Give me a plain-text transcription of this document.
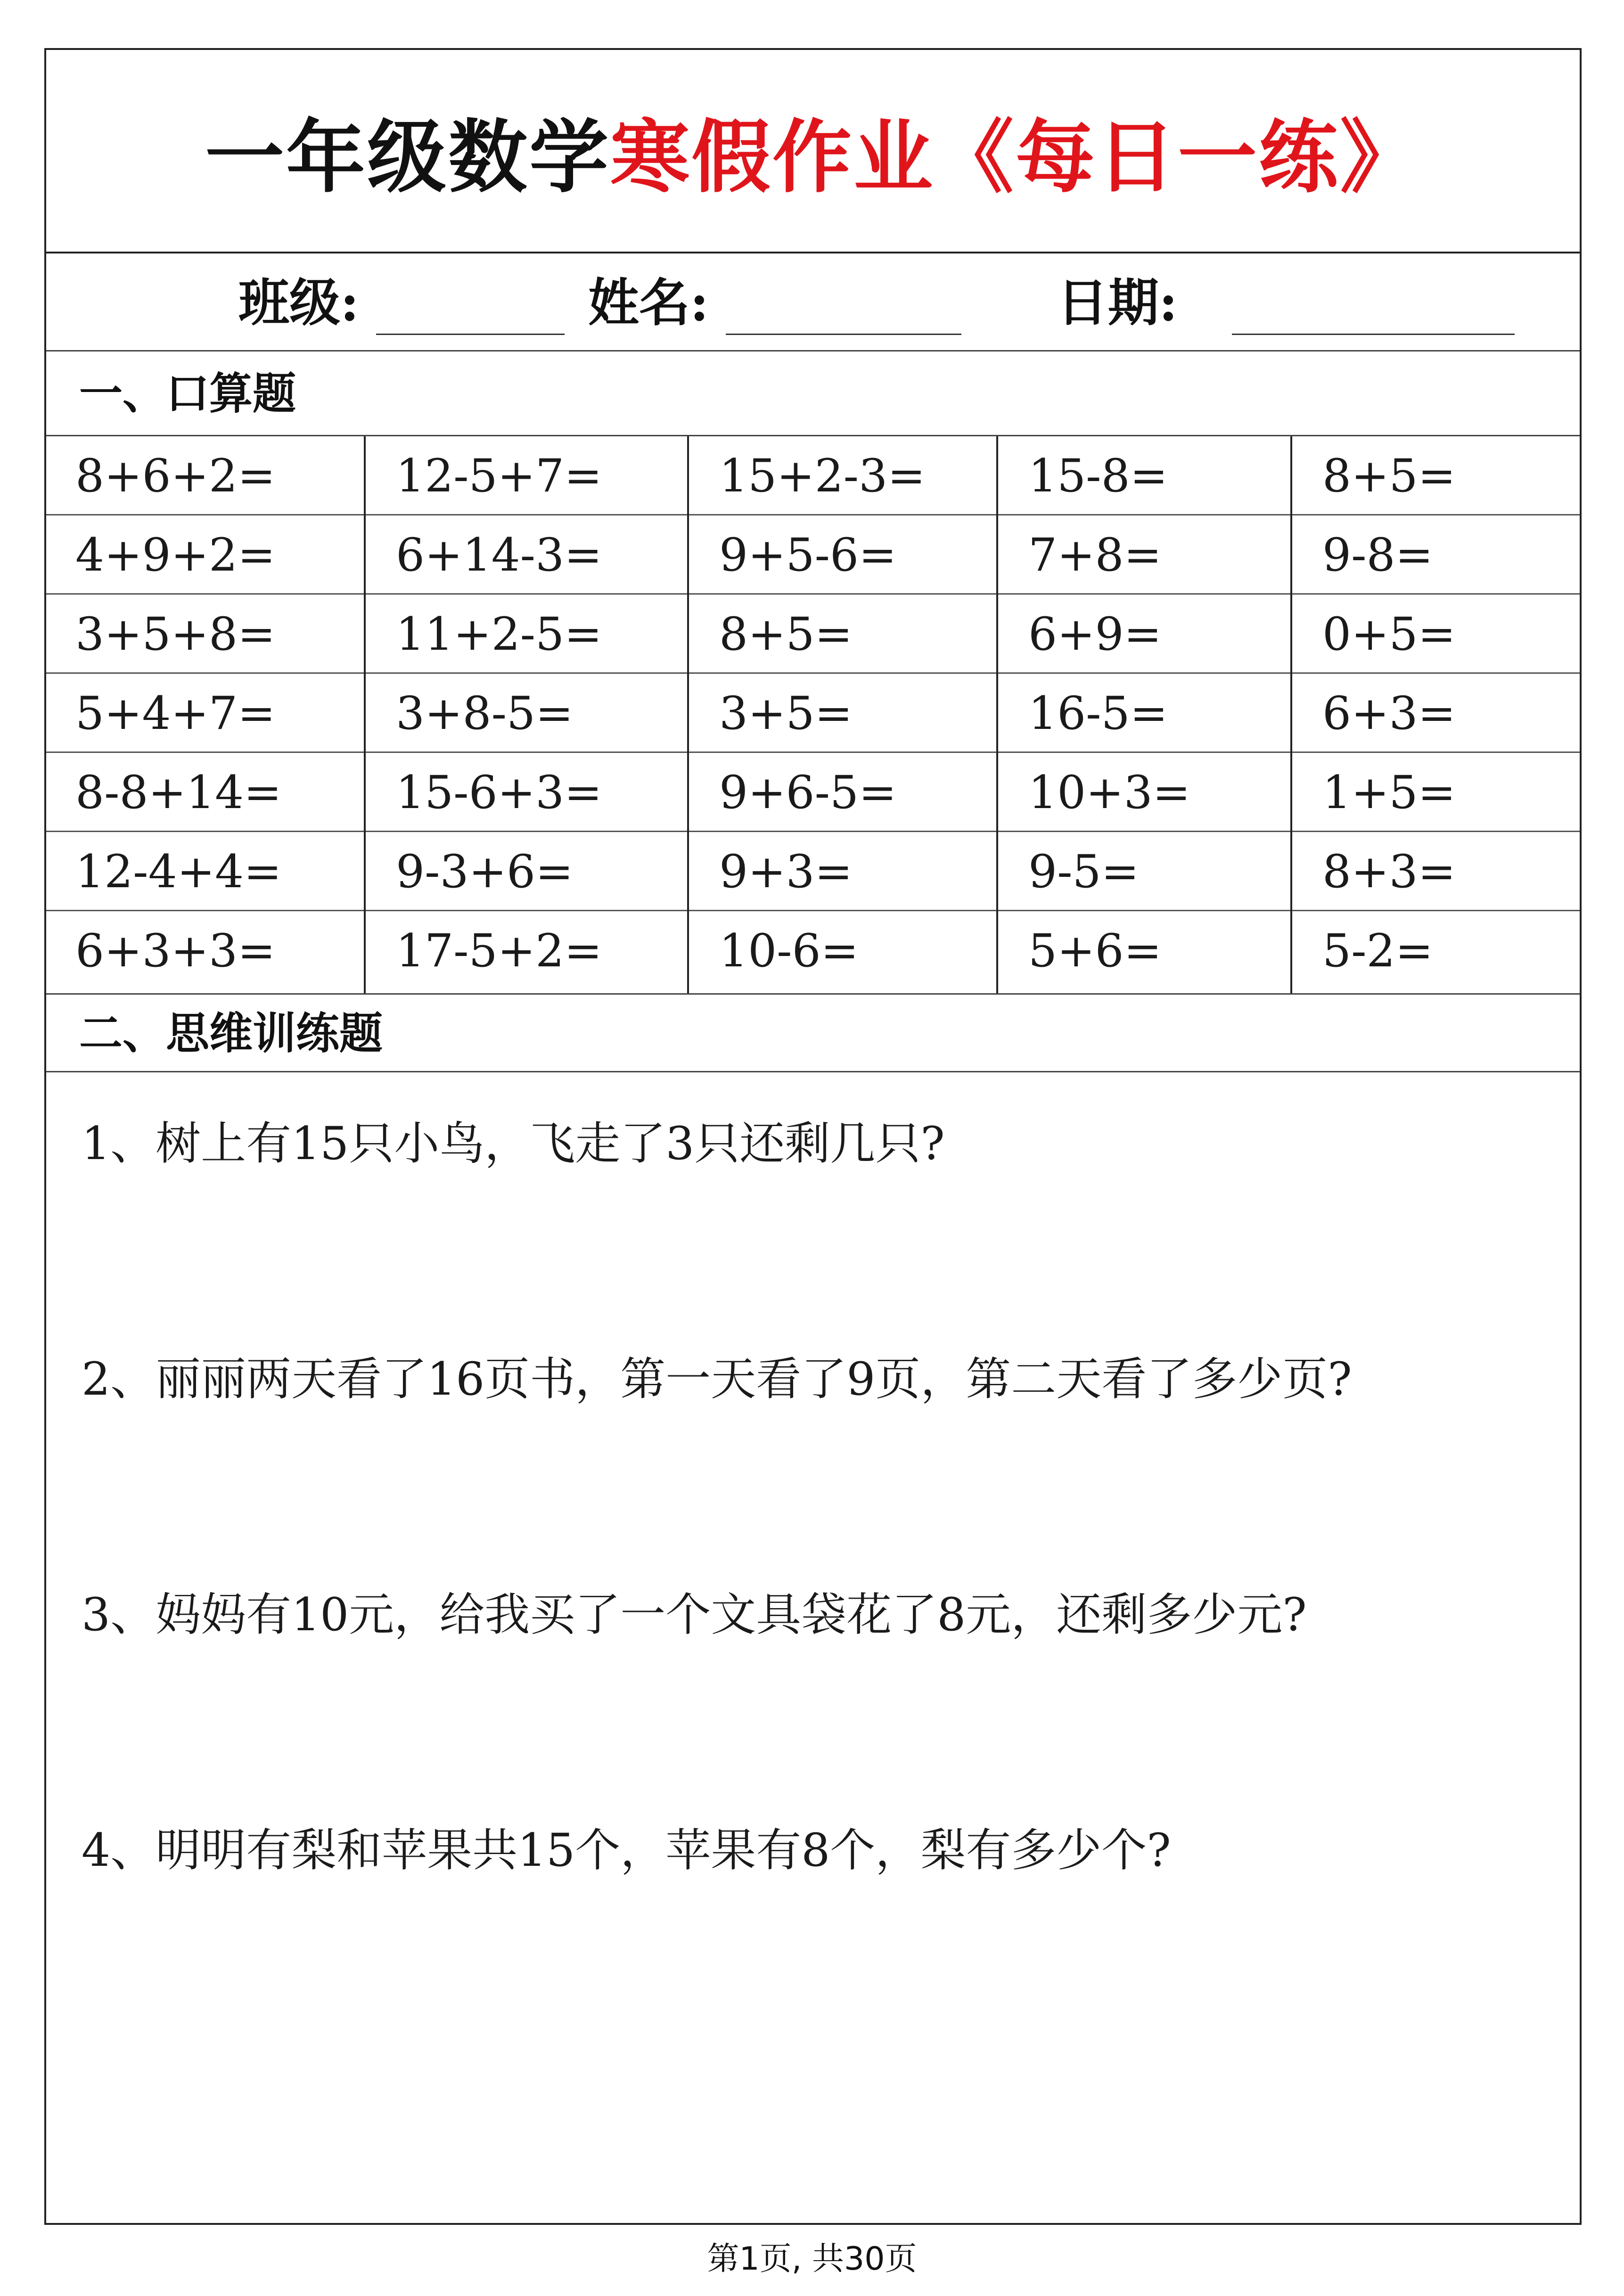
一年级数学寒假作业《每日一练》
班级:	姓名:	日期:
一、口算题
8+6+2=	12-5+7=	15+2-3=	15-8=	8+5=
4+9+2=	6+14-3=	9+5-6=	7+8=	9-8=
3+5+8=	11+2-5=	8+5=	6+9=	0+5=
5+4+7=	3+8-5=	3+5=	16-5=	6+3=
8-8+14=	15-6+3=	9+6-5=	10+3=	1+5=
12-4+4=	9-3+6=	9+3=	9-5=	8+3=
6+3+3=	17-5+2=	10-6=	5+6=	5-2=
二、思维训练题
1、树上有15只小鸟，飞走了3只还剩几只?
2、丽丽两天看了16页书，第一天看了9页，第二天看了多少页?
3、妈妈有10元，给我买了一个文具袋花了8元，还剩多少元?
4、明明有梨和苹果共15个，苹果有8个，梨有多少个?
第1页, 共30页
